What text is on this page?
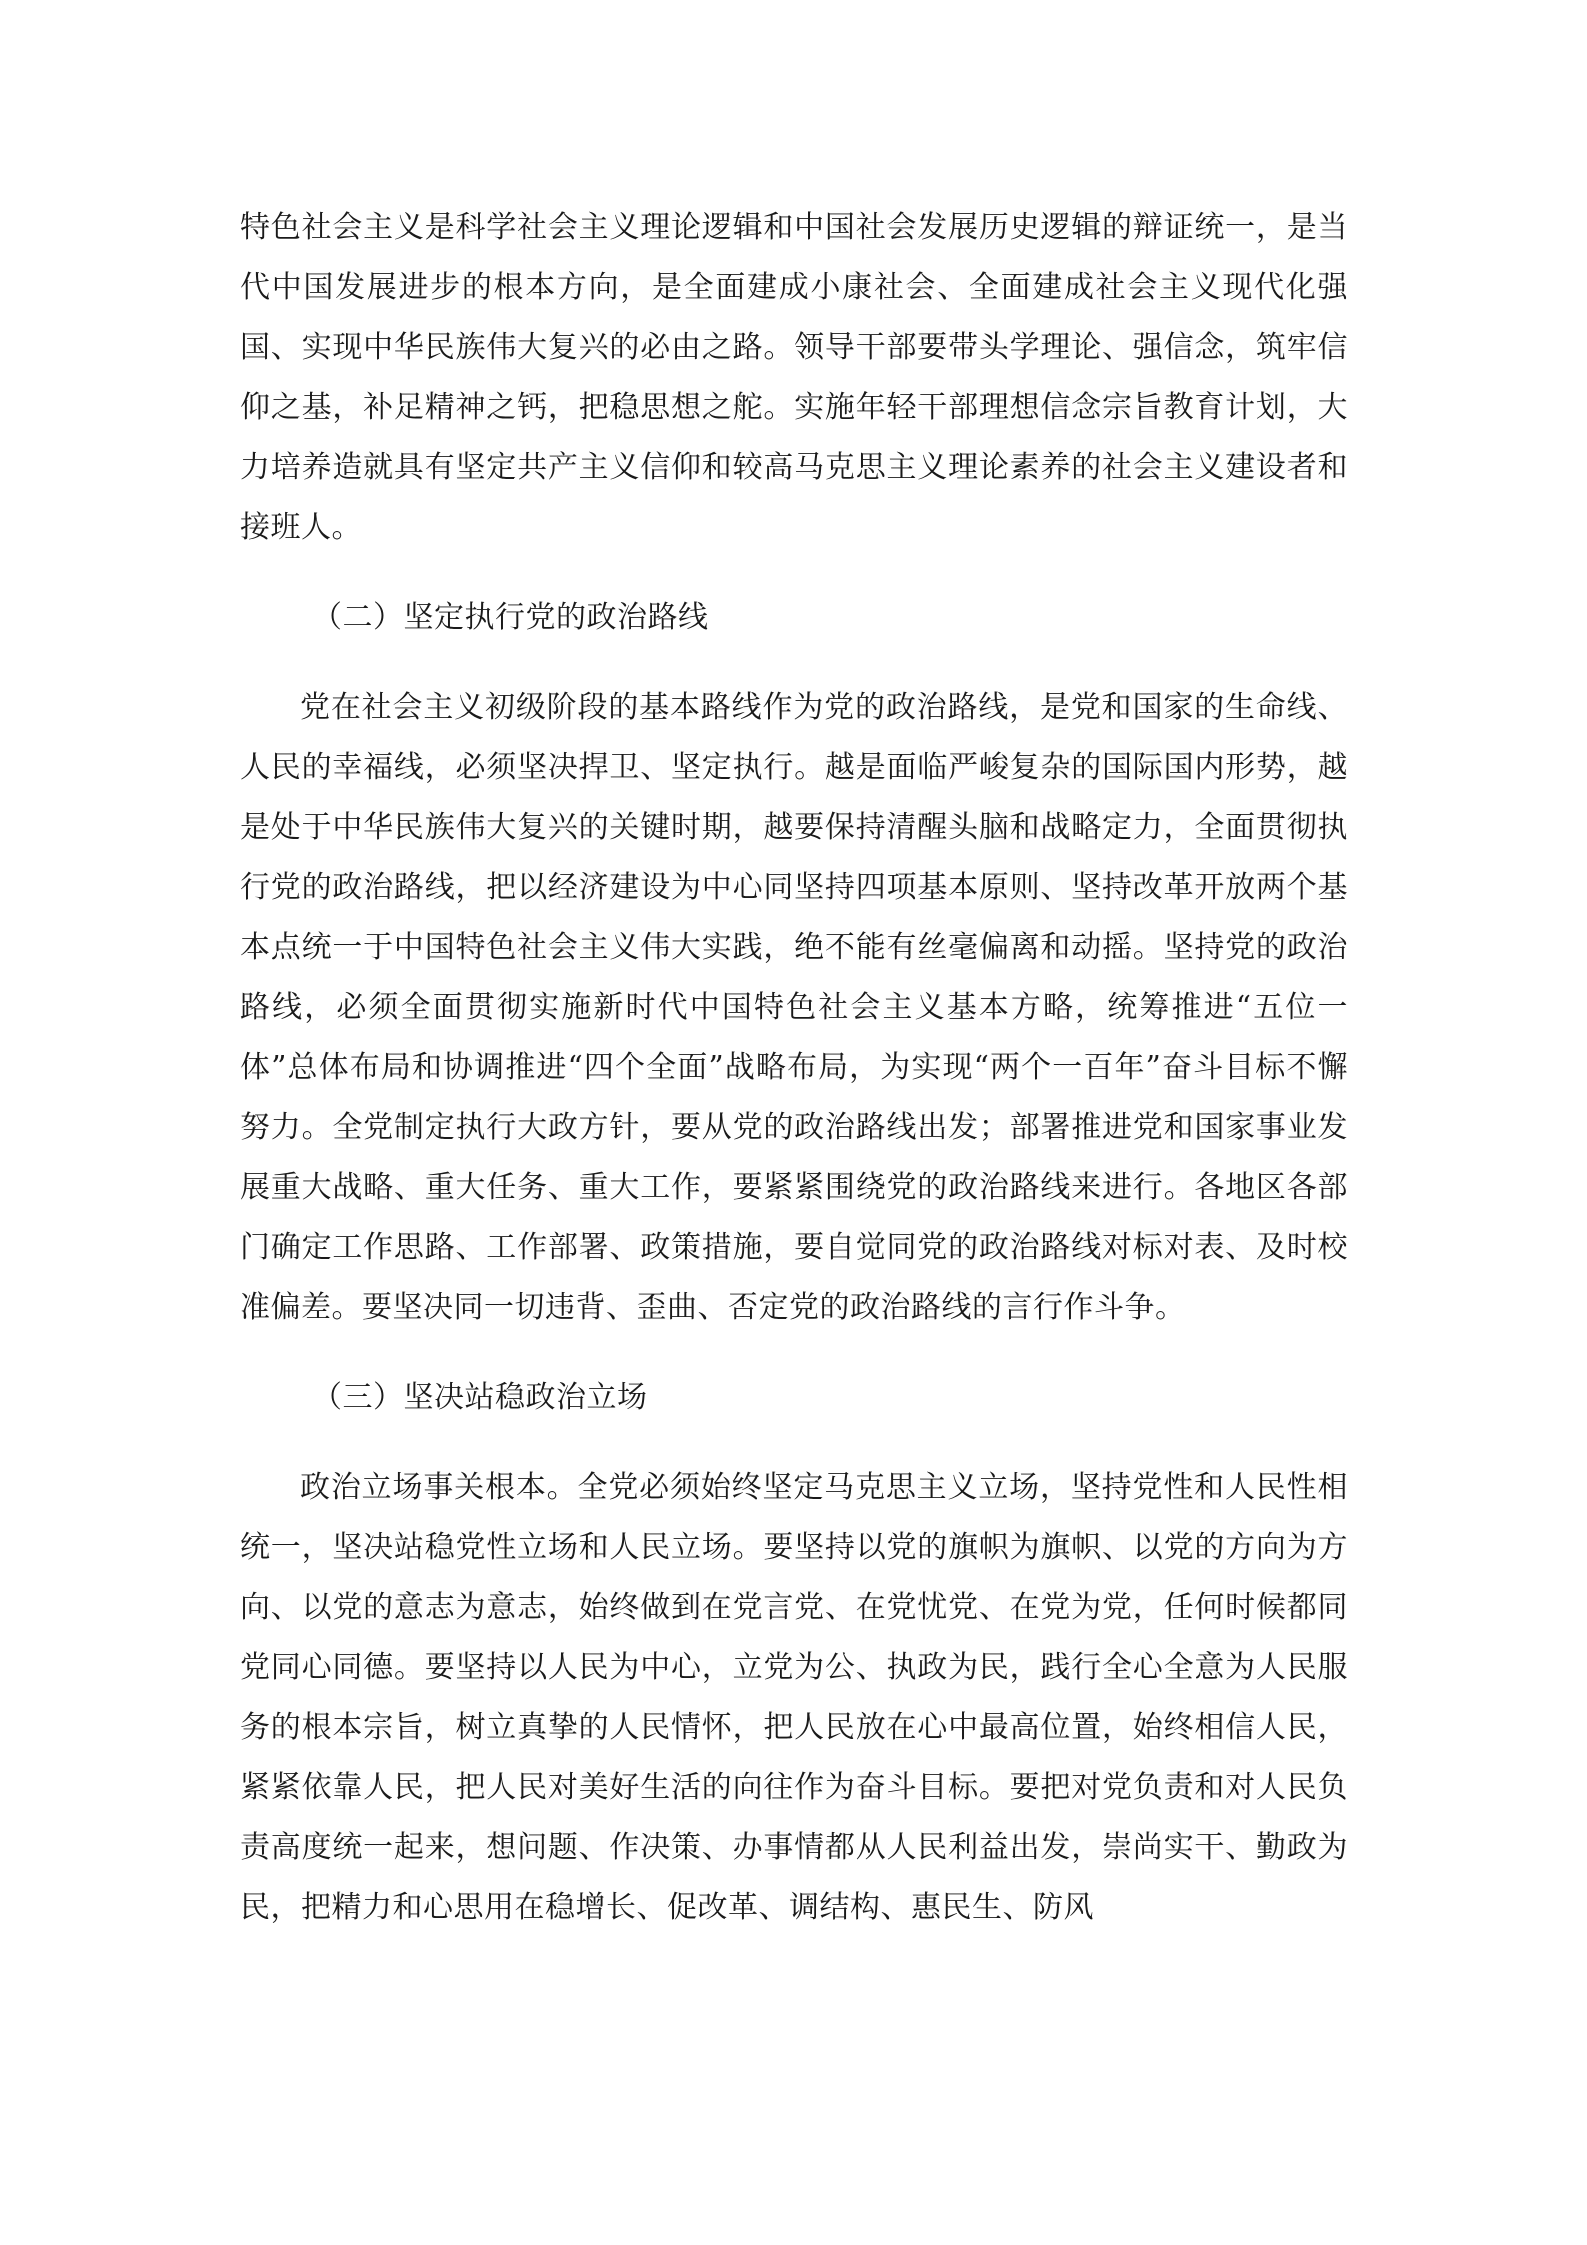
特色社会主义是科学社会主义理论逻辑和中国社会发展历史逻辑的辩证统一，是当代中国发展进步的根本方向，是全面建成小康社会、全面建成社会主义现代化强国、实现中华民族伟大复兴的必由之路。领导干部要带头学理论、强信念，筑牢信仰之基，补足精神之钙，把稳思想之舵。实施年轻干部理想信念宗旨教育计划，大力培养造就具有坚定共产主义信仰和较高马克思主义理论素养的社会主义建设者和接班人。

（二）坚定执行党的政治路线

党在社会主义初级阶段的基本路线作为党的政治路线，是党和国家的生命线、人民的幸福线，必须坚决捍卫、坚定执行。越是面临严峻复杂的国际国内形势，越是处于中华民族伟大复兴的关键时期，越要保持清醒头脑和战略定力，全面贯彻执行党的政治路线，把以经济建设为中心同坚持四项基本原则、坚持改革开放两个基本点统一于中国特色社会主义伟大实践，绝不能有丝毫偏离和动摇。坚持党的政治路线，必须全面贯彻实施新时代中国特色社会主义基本方略，统筹推进“五位一体”总体布局和协调推进“四个全面”战略布局，为实现“两个一百年”奋斗目标不懈努力。全党制定执行大政方针，要从党的政治路线出发；部署推进党和国家事业发展重大战略、重大任务、重大工作，要紧紧围绕党的政治路线来进行。各地区各部门确定工作思路、工作部署、政策措施，要自觉同党的政治路线对标对表、及时校准偏差。要坚决同一切违背、歪曲、否定党的政治路线的言行作斗争。

（三）坚决站稳政治立场

政治立场事关根本。全党必须始终坚定马克思主义立场，坚持党性和人民性相统一，坚决站稳党性立场和人民立场。要坚持以党的旗帜为旗帜、以党的方向为方向、以党的意志为意志，始终做到在党言党、在党忧党、在党为党，任何时候都同党同心同德。要坚持以人民为中心，立党为公、执政为民，践行全心全意为人民服务的根本宗旨，树立真挚的人民情怀，把人民放在心中最高位置，始终相信人民，紧紧依靠人民，把人民对美好生活的向往作为奋斗目标。要把对党负责和对人民负责高度统一起来，想问题、作决策、办事情都从人民利益出发，崇尚实干、勤政为民，把精力和心思用在稳增长、促改革、调结构、惠民生、防风
